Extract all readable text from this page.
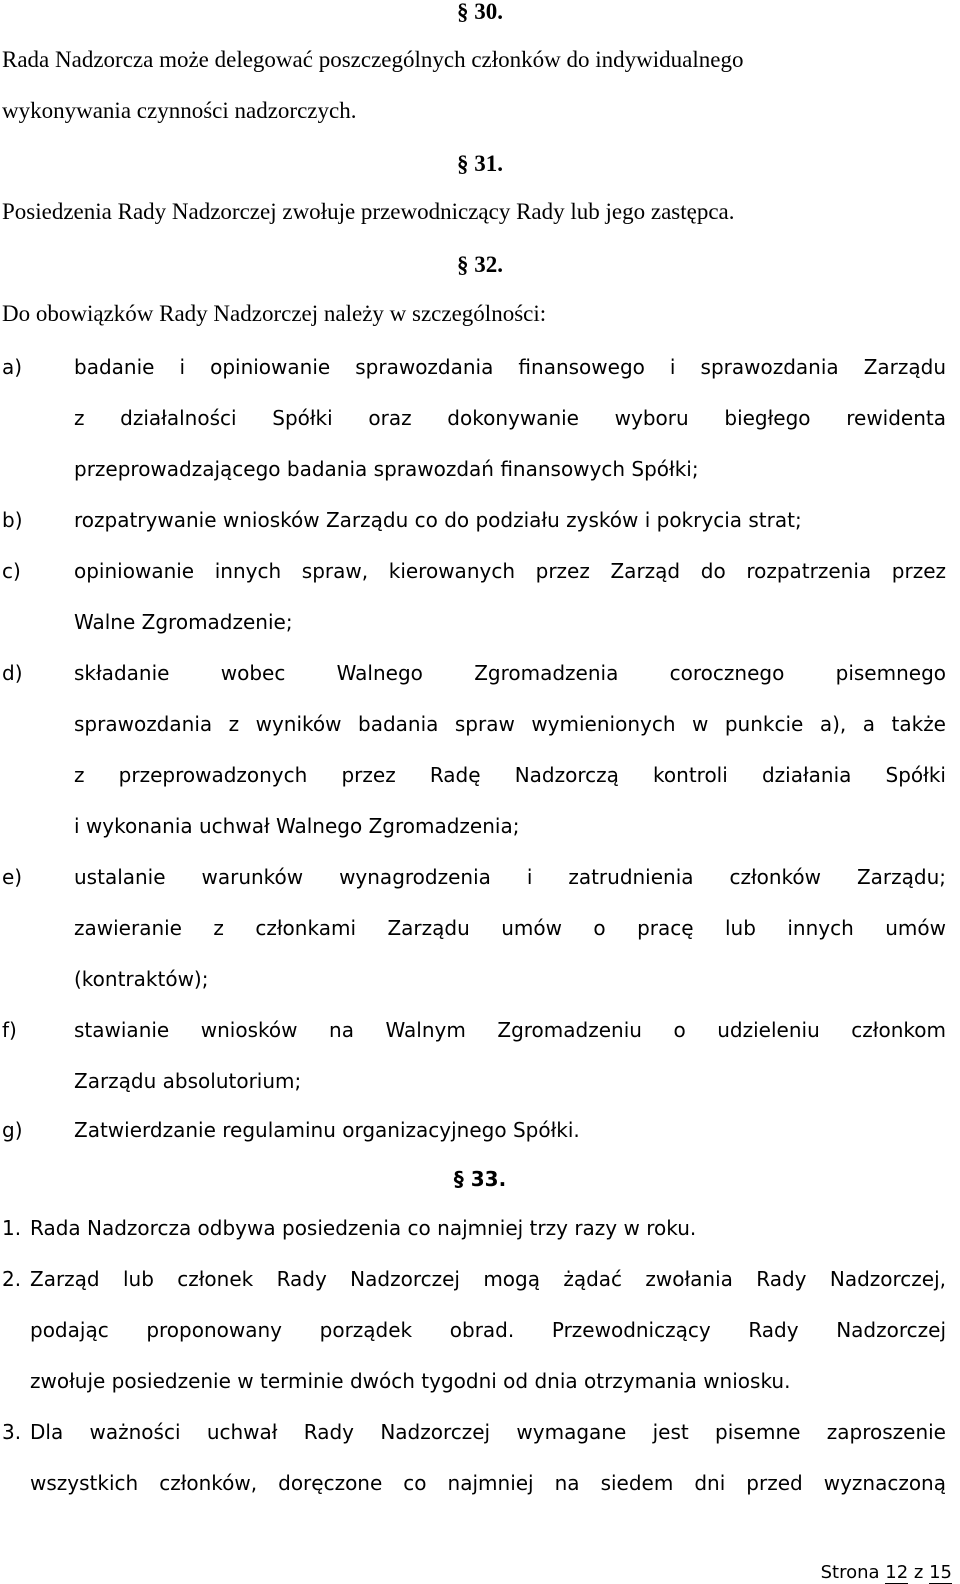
§ 30.
Rada Nadzorcza może delegować poszczególnych członków do indywidualnego
wykonywania czynności nadzorczych.
§ 31.
Posiedzenia Rady Nadzorczej zwołuje przewodniczący Rady lub jego zastępca.
§ 32.
Do obowiązków Rady Nadzorczej należy w szczególności:
a)	badanie i opiniowanie sprawozdania finansowego i sprawozdania Zarządu
z działalności Spółki oraz dokonywanie wyboru biegłego rewidenta
przeprowadzającego badania sprawozdań finansowych Spółki;
b)	rozpatrywanie wniosków Zarządu co do podziału zysków i pokrycia strat;
c)	opiniowanie innych spraw, kierowanych przez Zarząd do rozpatrzenia przez
Walne Zgromadzenie;
d)	składanie wobec Walnego Zgromadzenia corocznego pisemnego
sprawozdania z wyników badania spraw wymienionych w punkcie a), a także
z przeprowadzonych przez Radę Nadzorczą kontroli działania Spółki
i wykonania uchwał Walnego Zgromadzenia;
e)	ustalanie warunków wynagrodzenia i zatrudnienia członków Zarządu;
zawieranie z członkami Zarządu umów o pracę lub innych umów
(kontraktów);
f)	stawianie wniosków na Walnym Zgromadzeniu o udzieleniu członkom
Zarządu absolutorium;
g)	Zatwierdzanie regulaminu organizacyjnego Spółki.
§ 33.
1. Rada Nadzorcza odbywa posiedzenia co najmniej trzy razy w roku.
2. Zarząd lub członek Rady Nadzorczej mogą żądać zwołania Rady Nadzorczej,
podając proponowany porządek obrad. Przewodniczący Rady Nadzorczej
zwołuje posiedzenie w terminie dwóch tygodni od dnia otrzymania wniosku.
3. Dla ważności uchwał Rady Nadzorczej wymagane jest pisemne zaproszenie
wszystkich członków, doręczone co najmniej na siedem dni przed wyznaczoną
Strona 12 z 15
